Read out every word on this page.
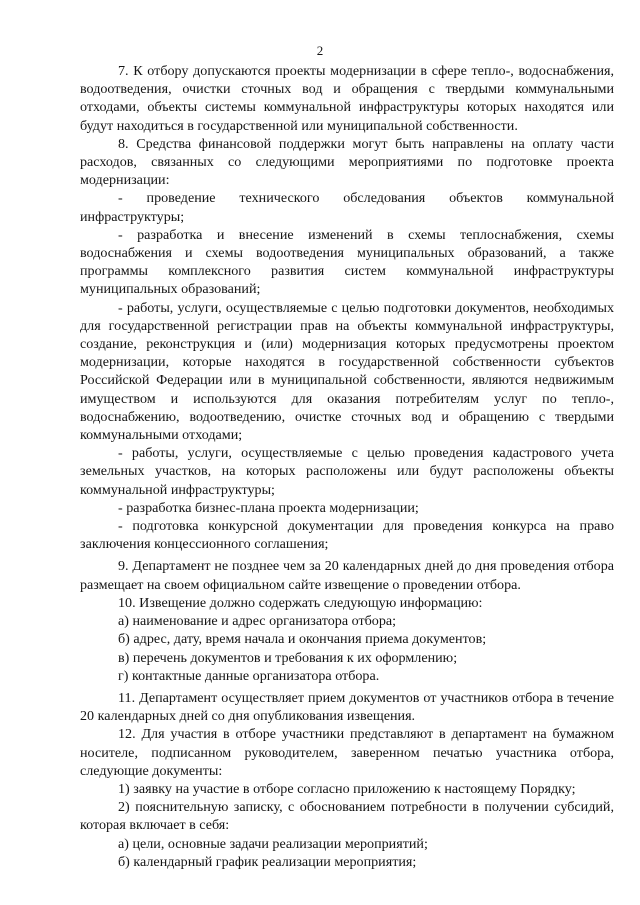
2

7. К отбору допускаются проекты модернизации в сфере тепло-, водоснабжения, водоотведения, очистки сточных вод и обращения с твердыми коммунальными отходами, объекты системы коммунальной инфраструктуры которых находятся или будут находиться в государственной или муниципальной собственности.

8. Средства финансовой поддержки могут быть направлены на оплату части расходов, связанных со следующими мероприятиями по подготовке проекта модернизации:

- проведение технического обследования объектов коммунальной инфраструктуры;

- разработка и внесение изменений в схемы теплоснабжения, схемы водоснабжения и схемы водоотведения муниципальных образований, а также программы комплексного развития систем коммунальной инфраструктуры муниципальных образований;

- работы, услуги, осуществляемые с целью подготовки документов, необходимых для государственной регистрации прав на объекты коммунальной инфраструктуры, создание, реконструкция и (или) модернизация которых предусмотрены проектом модернизации, которые находятся в государственной собственности субъектов Российской Федерации или в муниципальной собственности, являются недвижимым имуществом и используются для оказания потребителям услуг по тепло-, водоснабжению, водоотведению, очистке сточных вод и обращению с твердыми коммунальными отходами;

- работы, услуги, осуществляемые с целью проведения кадастрового учета земельных участков, на которых расположены или будут расположены объекты коммунальной инфраструктуры;

- разработка бизнес-плана проекта модернизации;

- подготовка конкурсной документации для проведения конкурса на право заключения концессионного соглашения;

9. Департамент не позднее чем за 20 календарных дней до дня проведения отбора размещает на своем официальном сайте извещение о проведении отбора.

10. Извещение должно содержать следующую информацию:

а) наименование и адрес организатора отбора;

б) адрес, дату, время начала и окончания приема документов;

в) перечень документов и требования к их оформлению;

г) контактные данные организатора отбора.

11. Департамент осуществляет прием документов от участников отбора в течение 20 календарных дней со дня опубликования извещения.

12. Для участия в отборе участники представляют в департамент на бумажном носителе, подписанном руководителем, заверенном печатью участника отбора, следующие документы:

1) заявку на участие в отборе согласно приложению к настоящему Порядку;

2) пояснительную записку, с обоснованием потребности в получении субсидий, которая включает в себя:

а) цели, основные задачи реализации мероприятий;

б) календарный график реализации мероприятия;
